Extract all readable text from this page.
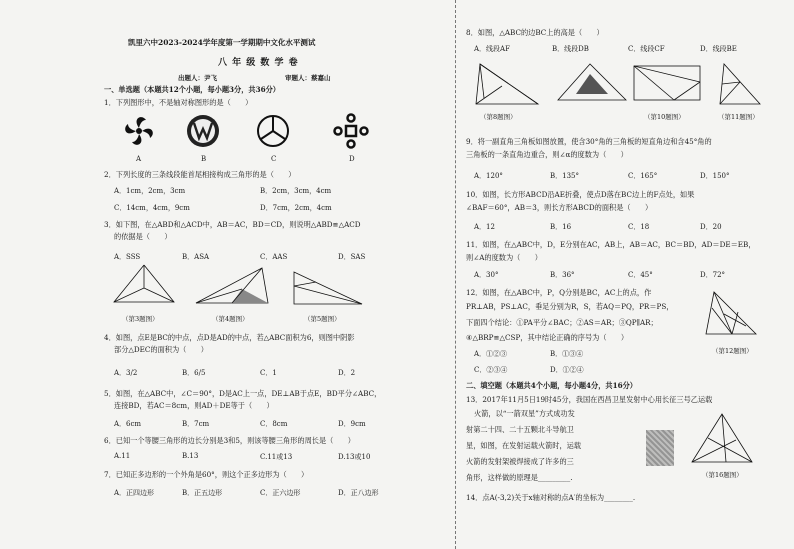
凯里六中2023-2024学年度第一学期期中文化水平测试
八 年 级 数 学 卷
出题人：尹飞	审题人：蔡嘉山
一、单选题（本题共12个小题，每小题3分，共36分）
1．下列图形中，不是轴对称图形的是（　　）
A	B	C	D
2．下列长度的三条线段能首尾相接构成三角形的是（　　）
A．1cm，2cm，3cm	B．2cm，3cm，4cm
C．14cm，4cm，9cm	D．7cm，2cm，4cm
3．如下图，在△ABD和△ACD中，AB＝AC，BD＝CD，则说明△ABD≌△ACD
的依据是（　　）
A．SSS	B．ASA	C．AAS	D．SAS
（第3题图）	（第4题图）	（第5题图）
4．如图，点E是BC的中点，点D是AD的中点，若△ABC面积为6，则图中阴影
部分△DEC的面积为（　　）
A．3/2	B．6/5	C．1	D．2
5．如图，在△ABC中，∠C＝90°，D是AC上一点，DE⊥AB于点E，BD平分∠ABC，
连接BD，若AC＝8cm，则AD＋DE等于（　　）
A．6cm	B．7cm	C．8cm	D．9cm
6．已知一个等腰三角形的边长分别是3和5，则该等腰三角形的周长是（　　）
A.11	B.13	C.11或13	D.13或10
7．已知正多边形的一个外角是60°，则这个正多边形为（　　）
A．正四边形	B．正五边形	C．正六边形	D．正八边形
8．如图，△ABC的边BC上的高是（　　）
A．线段AF	B．线段DB	C．线段CF	D．线段BE
（第8题图）	（第10题图）	（第11题图）
9．将一副直角三角板如图放置，使含30°角的三角板的短直角边和含45°角的
三角板的一条直角边重合，则∠α的度数为（　　）
A．120°	B．135°	C．165°	D．150°
10．如图，长方形ABCD沿AE折叠，使点D落在BC边上的F点处，如果
∠BAF＝60°，AB＝3，则长方形ABCD的面积是（　　）
A．12	B．16	C．18	D．20
11．如图，在△ABC中，D，E分别在AC，AB上，AB＝AC，BC＝BD，AD＝DE＝EB，
则∠A的度数为（　　）
A．30°	B．36°	C．45°	D．72°
12．如图，在△ABC中，P，Q分别是BC，AC上的点，作
PR⊥AB，PS⊥AC，垂足分别为R，S，若AQ＝PQ，PR＝PS，
下面四个结论：①PA平分∠BAC；②AS＝AR；③QP∥AR；
④△BRP≌△CSP，其中结论正确的序号为（　　）
A．①②③	B．①③④
C．②③④	D．①②④
（第12题图）
二、填空题（本题共4个小题，每小题4分，共16分）
13．2017年11月5日19时45分，我国在西昌卫星发射中心用长征三号乙运载
火箭，以“一箭双星”方式成功发
射第二十四、二十五颗北斗导航卫
星，如图，在发射运载火箭时，运载
火箭的发射架被焊接成了许多的三
角形，这样做的原理是_________.	（第16题图）
14．点A(-3,2)关于x轴对称的点A′的坐标为________.
